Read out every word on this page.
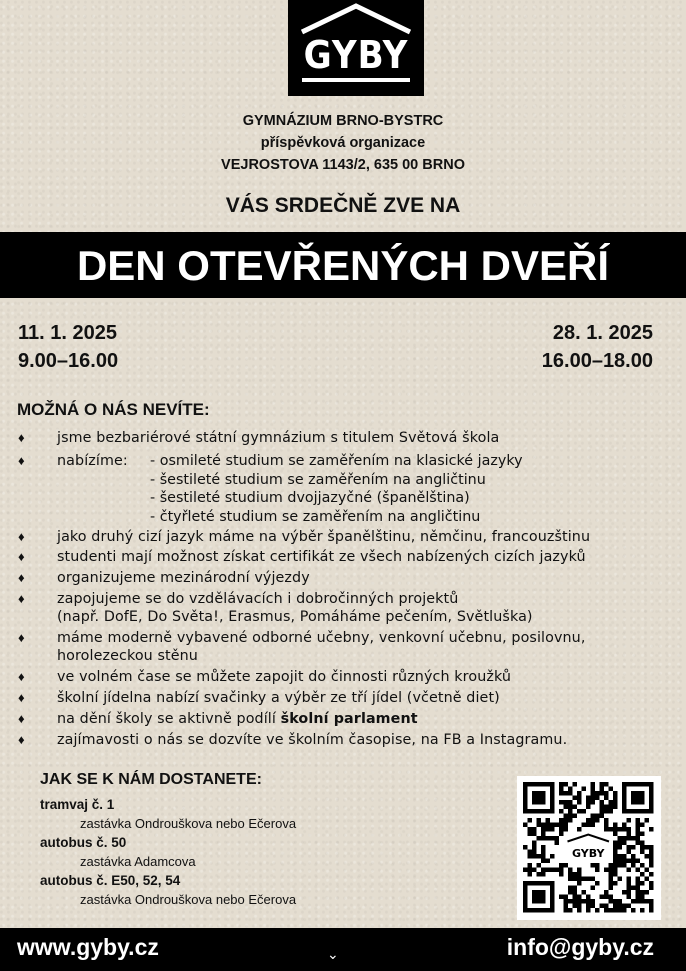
GYBY
GYMNÁZIUM BRNO-BYSTRC
příspěvková organizace
VEJROSTOVA 1143/2, 635 00 BRNO
VÁS SRDEČNĚ ZVE NA
DEN OTEVŘENÝCH DVEŘÍ
11. 1. 2025
9.00–16.00
28. 1. 2025
16.00–18.00
MOŽNÁ O NÁS NEVÍTE:
♦ jsme bezbariérové státní gymnázium s titulem Světová škola
♦ nabízíme: - osmileté studium se zaměřením na klasické jazyky
- šestileté studium se zaměřením na angličtinu
- šestileté studium dvojjazyčné (španělština)
- čtyřleté studium se zaměřením na angličtinu
♦ jako druhý cizí jazyk máme na výběr španělštinu, němčinu, francouzštinu
♦ studenti mají možnost získat certifikát ze všech nabízených cizích jazyků
♦ organizujeme mezinárodní výjezdy
♦ zapojujeme se do vzdělávacích i dobročinných projektů
(např. DofE, Do Světa!, Erasmus, Pomáháme pečením, Světluška)
♦ máme moderně vybavené odborné učebny, venkovní učebnu, posilovnu,
horolezeckou stěnu
♦ ve volném čase se můžete zapojit do činnosti různých kroužků
♦ školní jídelna nabízí svačinky a výběr ze tří jídel (včetně diet)
♦ na dění školy se aktivně podílí školní parlament
♦ zajímavosti o nás se dozvíte ve školním časopise, na FB a Instagramu.
JAK SE K NÁM DOSTANETE:
tramvaj č. 1
zastávka Ondrouškova nebo Ečerova
autobus č. 50
zastávka Adamcova
autobus č. E50, 52, 54
zastávka Ondrouškova nebo Ečerova
GYBY
www.gyby.cz	⌄	info@gyby.cz
